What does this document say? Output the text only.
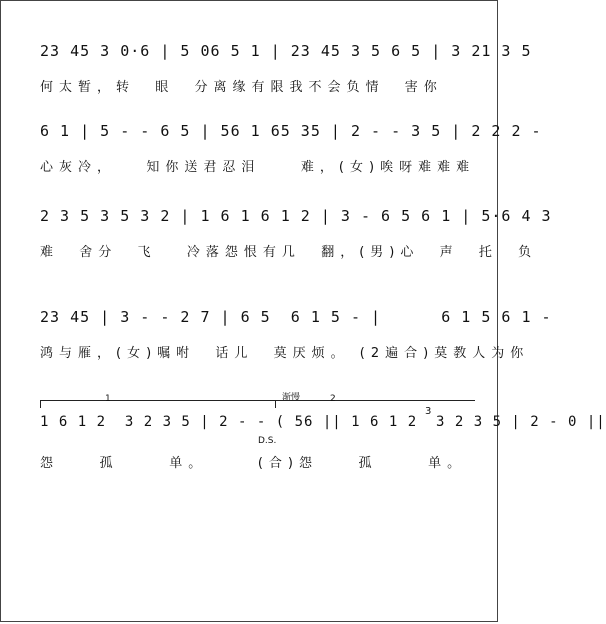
23 45 3 0·6 | 5 06 5 1 | 23 45 3 5 6 5 | 3 21 3 5
何太暂，转  眼  分离缘有限我不会负情  害你
6 1 | 5 - - 6 5 | 56 1 65 35 | 2 - - 3 5 | 2 2 2 -
心灰冷，   知你送君忍泪    难，(女)唉呀难难难
2 3 5 3 5 3 2 | 1 6 1 6 1 2 | 3 - 6 5 6 1 | 5·6 4 3
难  舍分  飞   冷落怨恨有几  翻，(男)心  声  托  负
23 45 | 3 - - 2 7 | 6 5  6 1 5 - |      6 1 5 6 1 -
鸿与雁，(女)嘱咐  话儿  莫厌烦。 (2遍合)莫教人为你
渐慢
1	2
3
1 6 1 2  3 2 3 5 | 2 - - ( 56 || 1 6 1 2  3 2 3 5 | 2 - 0 ||
D.S.
怨    孤     单。     (合)怨    孤     单。
